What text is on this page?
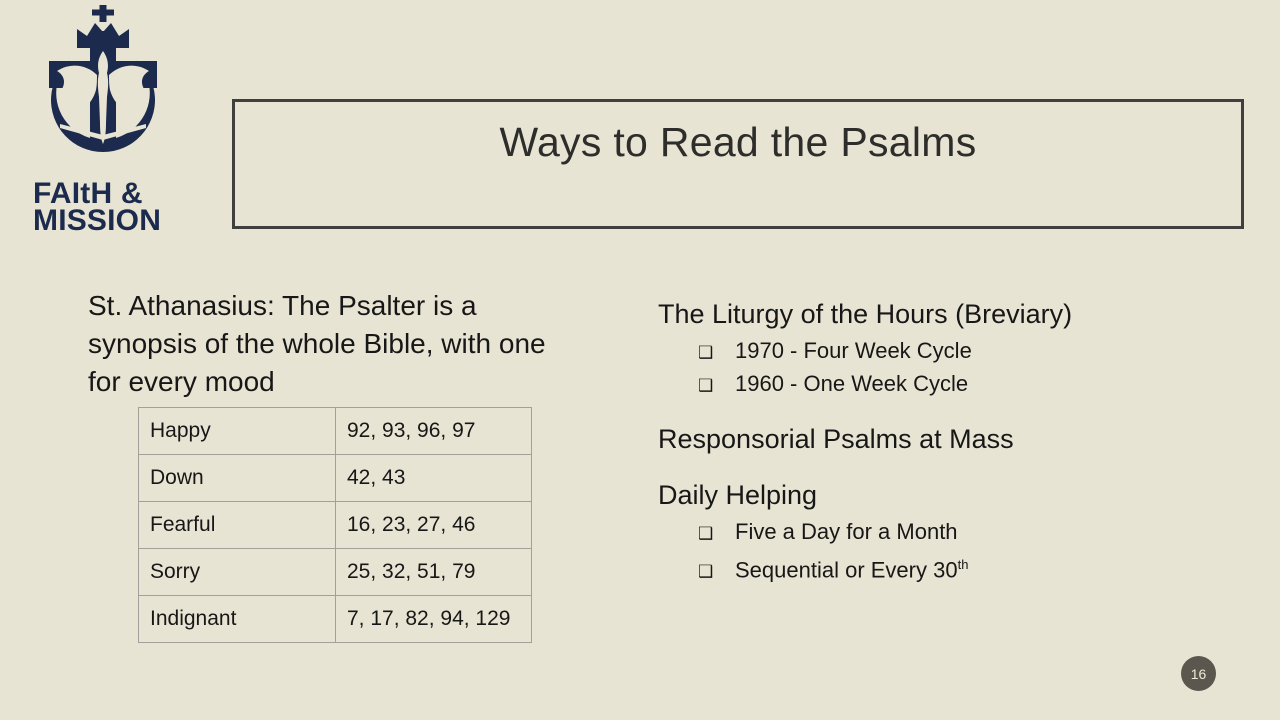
FAItH &
MISSION
Ways to Read the Psalms
St. Athanasius: The Psalter is a
synopsis of the whole Bible, with one
for every mood
Happy	92, 93, 96, 97
Down	42, 43
Fearful	16, 23, 27, 46
Sorry	25, 32, 51, 79
Indignant	7, 17, 82, 94, 129
The Liturgy of the Hours (Breviary)
❑ 1970 - Four Week Cycle
❑ 1960 - One Week Cycle
Responsorial Psalms at Mass
Daily Helping
❑ Five a Day for a Month
❑ Sequential or Every 30th
16
